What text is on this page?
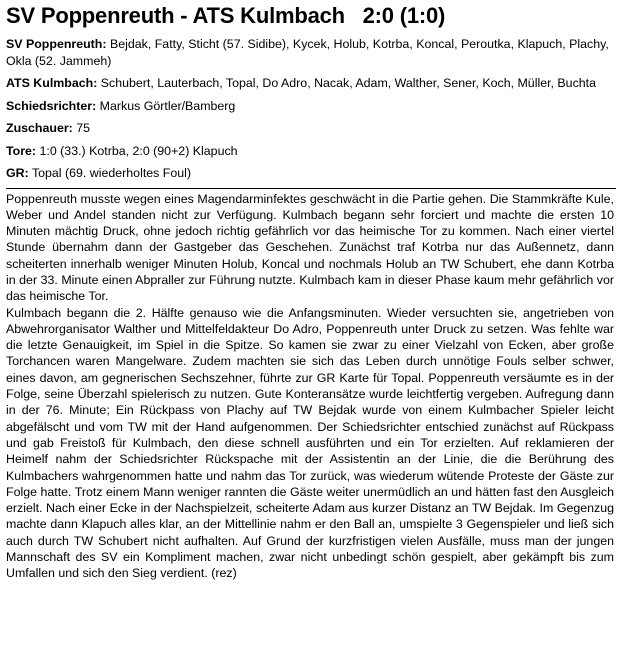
SV Poppenreuth - ATS Kulmbach   2:0 (1:0)
SV Poppenreuth: Bejdak, Fatty, Sticht (57. Sidibe), Kycek, Holub, Kotrba, Koncal, Peroutka, Klapuch, Plachy, Okla (52. Jammeh)
ATS Kulmbach: Schubert, Lauterbach, Topal, Do Adro, Nacak, Adam, Walther, Sener, Koch, Müller, Buchta
Schiedsrichter: Markus Görtler/Bamberg
Zuschauer: 75
Tore: 1:0 (33.) Kotrba, 2:0 (90+2) Klapuch
GR: Topal (69. wiederholtes Foul)

Poppenreuth musste wegen eines Magendarminfektes geschwächt in die Partie gehen. Die Stammkräfte Kule, Weber und Andel standen nicht zur Verfügung. Kulmbach begann sehr forciert und machte die ersten 10 Minuten mächtig Druck, ohne jedoch richtig gefährlich vor das heimische Tor zu kommen. Nach einer viertel Stunde übernahm dann der Gastgeber das Geschehen. Zunächst traf Kotrba nur das Außennetz, dann scheiterten innerhalb weniger Minuten Holub, Koncal und nochmals Holub an TW Schubert, ehe dann Kotrba in der 33. Minute einen Abpraller zur Führung nutzte. Kulmbach kam in dieser Phase kaum mehr gefährlich vor das heimische Tor.

Kulmbach begann die 2. Hälfte genauso wie die Anfangsminuten. Wieder versuchten sie, angetrieben von Abwehrorganisator Walther und Mittelfeldakteur Do Adro, Poppenreuth unter Druck zu setzen. Was fehlte war die letzte Genauigkeit, im Spiel in die Spitze. So kamen sie zwar zu einer Vielzahl von Ecken, aber große Torchancen waren Mangelware. Zudem machten sie sich das Leben durch unnötige Fouls selber schwer, eines davon, am gegnerischen Sechszehner, führte zur GR Karte für Topal. Poppenreuth versäumte es in der Folge, seine Überzahl spielerisch zu nutzen. Gute Konteransätze wurde leichtfertig vergeben. Aufregung dann in der 76. Minute; Ein Rückpass von Plachy auf TW Bejdak wurde von einem Kulmbacher Spieler leicht abgefälscht und vom TW mit der Hand aufgenommen. Der Schiedsrichter entschied zunächst auf Rückpass und gab Freistoß für Kulmbach, den diese schnell ausführten und ein Tor erzielten. Auf reklamieren der Heimelf nahm der Schiedsrichter Rückspache mit der Assistentin an der Linie, die die Berührung des Kulmbachers wahrgenommen hatte und nahm das Tor zurück, was wiederum wütende Proteste der Gäste zur Folge hatte. Trotz einem Mann weniger rannten die Gäste weiter unermüdlich an und hätten fast den Ausgleich erzielt. Nach einer Ecke in der Nachspielzeit, scheiterte Adam aus kurzer Distanz an TW Bejdak. Im Gegenzug machte dann Klapuch alles klar, an der Mittellinie nahm er den Ball an, umspielte 3 Gegenspieler und ließ sich auch durch TW Schubert nicht aufhalten. Auf Grund der kurzfristigen vielen Ausfälle, muss man der jungen Mannschaft des SV ein Kompliment machen, zwar nicht unbedingt schön gespielt, aber gekämpft bis zum Umfallen und sich den Sieg verdient. (rez)
